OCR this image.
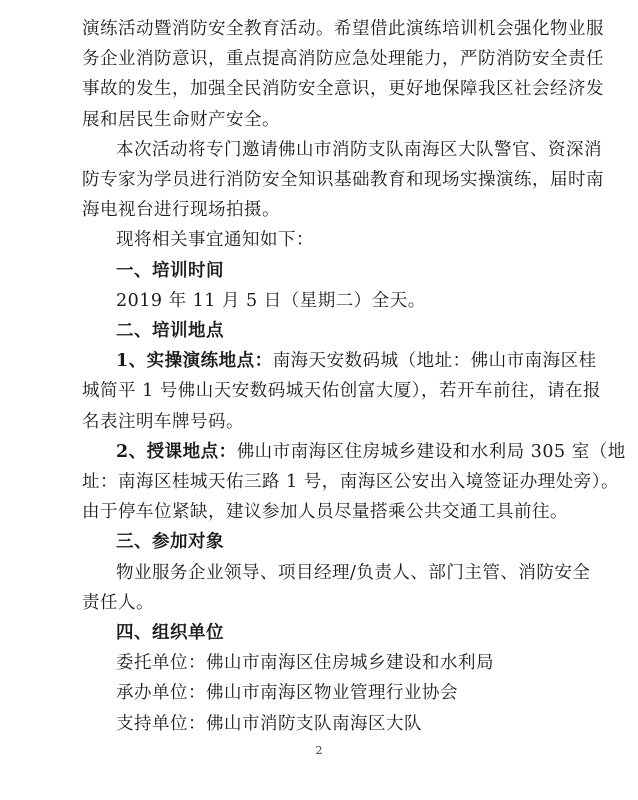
演练活动暨消防安全教育活动。希望借此演练培训机会强化物业服
务企业消防意识，重点提高消防应急处理能力，严防消防安全责任
事故的发生，加强全民消防安全意识，更好地保障我区社会经济发
展和居民生命财产安全。
本次活动将专门邀请佛山市消防支队南海区大队警官、资深消
防专家为学员进行消防安全知识基础教育和现场实操演练，届时南
海电视台进行现场拍摄。
现将相关事宜通知如下：
一、培训时间
2019 年 11 月 5 日（星期二）全天。
二、培训地点
1、实操演练地点：南海天安数码城（地址：佛山市南海区桂
城简平 1 号佛山天安数码城天佑创富大厦），若开车前往，请在报
名表注明车牌号码。
2、授课地点：佛山市南海区住房城乡建设和水利局 305 室（地
址：南海区桂城天佑三路 1 号，南海区公安出入境签证办理处旁）。
由于停车位紧缺，建议参加人员尽量搭乘公共交通工具前往。
三、参加对象
物业服务企业领导、项目经理/负责人、部门主管、消防安全
责任人。
四、组织单位
委托单位：佛山市南海区住房城乡建设和水利局
承办单位：佛山市南海区物业管理行业协会
支持单位：佛山市消防支队南海区大队
2
